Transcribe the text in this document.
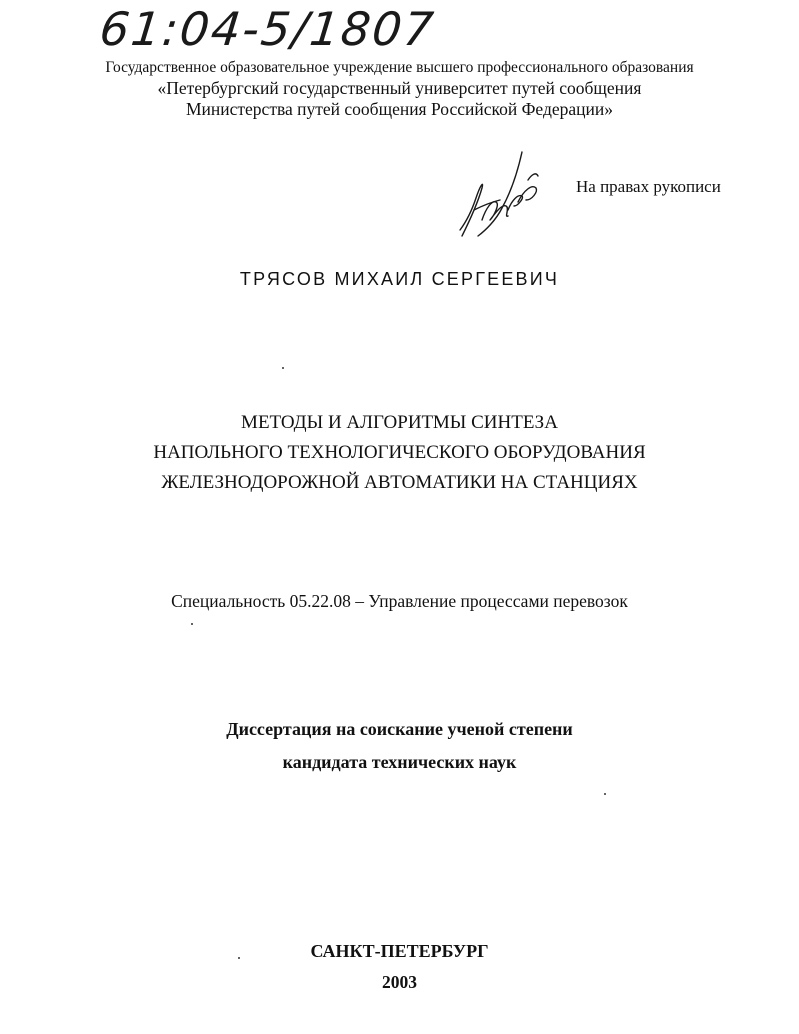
61:04-5/1807
Государственное образовательное учреждение высшего профессионального образования
«Петербургский государственный университет путей сообщения
Министерства путей сообщения Российской Федерации»
На правах рукописи
ТРЯСОВ МИХАИЛ СЕРГЕЕВИЧ
МЕТОДЫ И АЛГОРИТМЫ СИНТЕЗА
НАПОЛЬНОГО ТЕХНОЛОГИЧЕСКОГО ОБОРУДОВАНИЯ
ЖЕЛЕЗНОДОРОЖНОЙ АВТОМАТИКИ НА СТАНЦИЯХ
Специальность 05.22.08 – Управление процессами перевозок
Диссертация на соискание ученой степени
кандидата технических наук
САНКТ-ПЕТЕРБУРГ
2003
